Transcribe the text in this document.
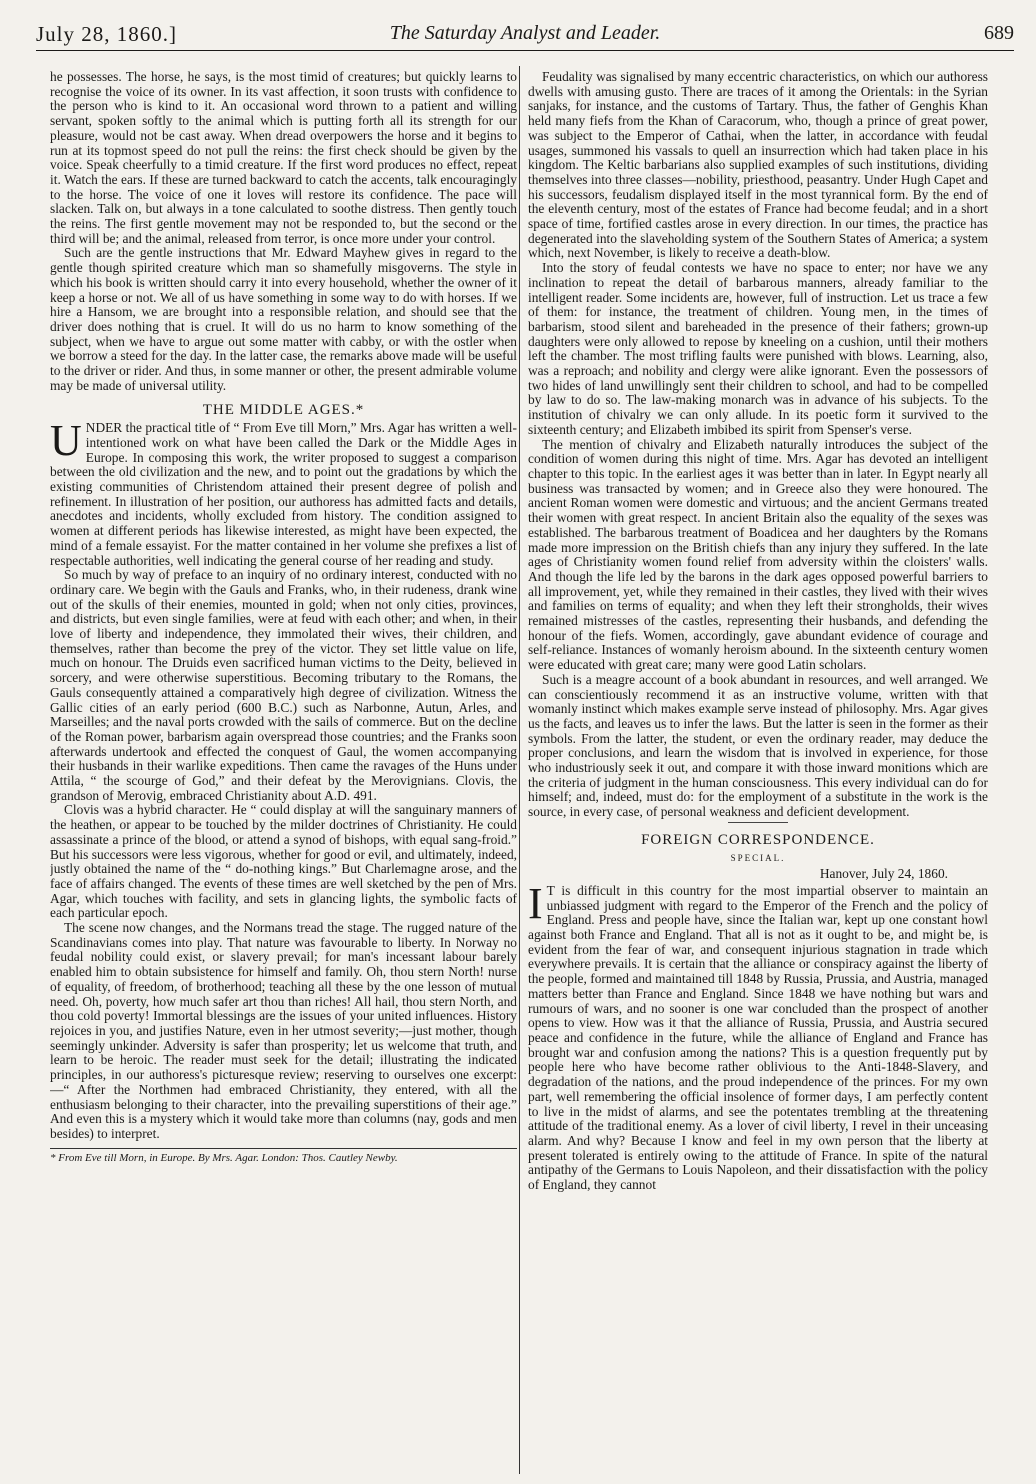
July 28, 1860.]	The Saturday Analyst and Leader.	689

he possesses. The horse, he says, is the most timid of creatures; but quickly learns to recognise the voice of its owner. In its vast affection, it soon trusts with confidence to the person who is kind to it. An occasional word thrown to a patient and willing servant, spoken softly to the animal which is putting forth all its strength for our pleasure, would not be cast away. When dread overpowers the horse and it begins to run at its topmost speed do not pull the reins: the first check should be given by the voice. Speak cheerfully to a timid creature. If the first word produces no effect, repeat it. Watch the ears. If these are turned backward to catch the accents, talk encouragingly to the horse. The voice of one it loves will restore its confidence. The pace will slacken. Talk on, but always in a tone calculated to soothe distress. Then gently touch the reins. The first gentle movement may not be responded to, but the second or the third will be; and the animal, released from terror, is once more under your control.

Such are the gentle instructions that Mr. Edward Mayhew gives in regard to the gentle though spirited creature which man so shamefully misgoverns. The style in which his book is written should carry it into every household, whether the owner of it keep a horse or not. We all of us have something in some way to do with horses. If we hire a Hansom, we are brought into a responsible relation, and should see that the driver does nothing that is cruel. It will do us no harm to know something of the subject, when we have to argue out some matter with cabby, or with the ostler when we borrow a steed for the day. In the latter case, the remarks above made will be useful to the driver or rider. And thus, in some manner or other, the present admirable volume may be made of universal utility.

THE MIDDLE AGES.*

UNDER the practical title of “ From Eve till Morn,” Mrs. Agar has written a well-intentioned work on what have been called the Dark or the Middle Ages in Europe. In composing this work, the writer proposed to suggest a comparison between the old civilization and the new, and to point out the gradations by which the existing communities of Christendom attained their present degree of polish and refinement. In illustration of her position, our authoress has admitted facts and details, anecdotes and incidents, wholly excluded from history. The condition assigned to women at different periods has likewise interested, as might have been expected, the mind of a female essayist. For the matter contained in her volume she prefixes a list of respectable authorities, well indicating the general course of her reading and study.

So much by way of preface to an inquiry of no ordinary interest, conducted with no ordinary care. We begin with the Gauls and Franks, who, in their rudeness, drank wine out of the skulls of their enemies, mounted in gold; when not only cities, provinces, and districts, but even single families, were at feud with each other; and when, in their love of liberty and independence, they immolated their wives, their children, and themselves, rather than become the prey of the victor. They set little value on life, much on honour. The Druids even sacrificed human victims to the Deity, believed in sorcery, and were otherwise superstitious. Becoming tributary to the Romans, the Gauls consequently attained a comparatively high degree of civilization. Witness the Gallic cities of an early period (600 B.C.) such as Narbonne, Autun, Arles, and Marseilles; and the naval ports crowded with the sails of commerce. But on the decline of the Roman power, barbarism again overspread those countries; and the Franks soon afterwards undertook and effected the conquest of Gaul, the women accompanying their husbands in their warlike expeditions. Then came the ravages of the Huns under Attila, “ the scourge of God,” and their defeat by the Merovignians. Clovis, the grandson of Merovig, embraced Christianity about A.D. 491.

Clovis was a hybrid character. He “ could display at will the sanguinary manners of the heathen, or appear to be touched by the milder doctrines of Christianity. He could assassinate a prince of the blood, or attend a synod of bishops, with equal sang-froid.” But his successors were less vigorous, whether for good or evil, and ultimately, indeed, justly obtained the name of the “ do-nothing kings.” But Charlemagne arose, and the face of affairs changed. The events of these times are well sketched by the pen of Mrs. Agar, which touches with facility, and sets in glancing lights, the symbolic facts of each particular epoch.

The scene now changes, and the Normans tread the stage. The rugged nature of the Scandinavians comes into play. That nature was favourable to liberty. In Norway no feudal nobility could exist, or slavery prevail; for man's incessant labour barely enabled him to obtain subsistence for himself and family. Oh, thou stern North! nurse of equality, of freedom, of brotherhood; teaching all these by the one lesson of mutual need. Oh, poverty, how much safer art thou than riches! All hail, thou stern North, and thou cold poverty! Immortal blessings are the issues of your united influences. History rejoices in you, and justifies Nature, even in her utmost severity;—just mother, though seemingly unkinder. Adversity is safer than prosperity; let us welcome that truth, and learn to be heroic. The reader must seek for the detail; illustrating the indicated principles, in our authoress's picturesque review; reserving to ourselves one excerpt:—“ After the Northmen had embraced Christianity, they entered, with all the enthusiasm belonging to their character, into the prevailing superstitions of their age.” And even this is a mystery which it would take more than columns (nay, gods and men besides) to interpret.

* From Eve till Morn, in Europe. By Mrs. Agar. London: Thos. Cautley Newby.

Feudality was signalised by many eccentric characteristics, on which our authoress dwells with amusing gusto. There are traces of it among the Orientals: in the Syrian sanjaks, for instance, and the customs of Tartary. Thus, the father of Genghis Khan held many fiefs from the Khan of Caracorum, who, though a prince of great power, was subject to the Emperor of Cathai, when the latter, in accordance with feudal usages, summoned his vassals to quell an insurrection which had taken place in his kingdom. The Keltic barbarians also supplied examples of such institutions, dividing themselves into three classes—nobility, priesthood, peasantry. Under Hugh Capet and his successors, feudalism displayed itself in the most tyrannical form. By the end of the eleventh century, most of the estates of France had become feudal; and in a short space of time, fortified castles arose in every direction. In our times, the practice has degenerated into the slaveholding system of the Southern States of America; a system which, next November, is likely to receive a death-blow.

Into the story of feudal contests we have no space to enter; nor have we any inclination to repeat the detail of barbarous manners, already familiar to the intelligent reader. Some incidents are, however, full of instruction. Let us trace a few of them: for instance, the treatment of children. Young men, in the times of barbarism, stood silent and bareheaded in the presence of their fathers; grown-up daughters were only allowed to repose by kneeling on a cushion, until their mothers left the chamber. The most trifling faults were punished with blows. Learning, also, was a reproach; and nobility and clergy were alike ignorant. Even the possessors of two hides of land unwillingly sent their children to school, and had to be compelled by law to do so. The law-making monarch was in advance of his subjects. To the institution of chivalry we can only allude. In its poetic form it survived to the sixteenth century; and Elizabeth imbibed its spirit from Spenser's verse.

The mention of chivalry and Elizabeth naturally introduces the subject of the condition of women during this night of time. Mrs. Agar has devoted an intelligent chapter to this topic. In the earliest ages it was better than in later. In Egypt nearly all business was transacted by women; and in Greece also they were honoured. The ancient Roman women were domestic and virtuous; and the ancient Germans treated their women with great respect. In ancient Britain also the equality of the sexes was established. The barbarous treatment of Boadicea and her daughters by the Romans made more impression on the British chiefs than any injury they suffered. In the late ages of Christianity women found relief from adversity within the cloisters' walls. And though the life led by the barons in the dark ages opposed powerful barriers to all improvement, yet, while they remained in their castles, they lived with their wives and families on terms of equality; and when they left their strongholds, their wives remained mistresses of the castles, representing their husbands, and defending the honour of the fiefs. Women, accordingly, gave abundant evidence of courage and self-reliance. Instances of womanly heroism abound. In the sixteenth century women were educated with great care; many were good Latin scholars.

Such is a meagre account of a book abundant in resources, and well arranged. We can conscientiously recommend it as an instructive volume, written with that womanly instinct which makes example serve instead of philosophy. Mrs. Agar gives us the facts, and leaves us to infer the laws. But the latter is seen in the former as their symbols. From the latter, the student, or even the ordinary reader, may deduce the proper conclusions, and learn the wisdom that is involved in experience, for those who industriously seek it out, and compare it with those inward monitions which are the criteria of judgment in the human consciousness. This every individual can do for himself; and, indeed, must do: for the employment of a substitute in the work is the source, in every case, of personal weakness and deficient development.

FOREIGN CORRESPONDENCE.
SPECIAL.
Hanover, July 24, 1860.

I T is difficult in this country for the most impartial observer to maintain an unbiassed judgment with regard to the Emperor of the French and the policy of England. Press and people have, since the Italian war, kept up one constant howl against both France and England. That all is not as it ought to be, and might be, is evident from the fear of war, and consequent injurious stagnation in trade which everywhere prevails. It is certain that the alliance or conspiracy against the liberty of the people, formed and maintained till 1848 by Russia, Prussia, and Austria, managed matters better than France and England. Since 1848 we have nothing but wars and rumours of wars, and no sooner is one war concluded than the prospect of another opens to view. How was it that the alliance of Russia, Prussia, and Austria secured peace and confidence in the future, while the alliance of England and France has brought war and confusion among the nations? This is a question frequently put by people here who have become rather oblivious to the Anti-1848-Slavery, and degradation of the nations, and the proud independence of the princes. For my own part, well remembering the official insolence of former days, I am perfectly content to live in the midst of alarms, and see the potentates trembling at the threatening attitude of the traditional enemy. As a lover of civil liberty, I revel in their unceasing alarm. And why? Because I know and feel in my own person that the liberty at present tolerated is entirely owing to the attitude of France. In spite of the natural antipathy of the Germans to Louis Napoleon, and their dissatisfaction with the policy of England, they cannot
